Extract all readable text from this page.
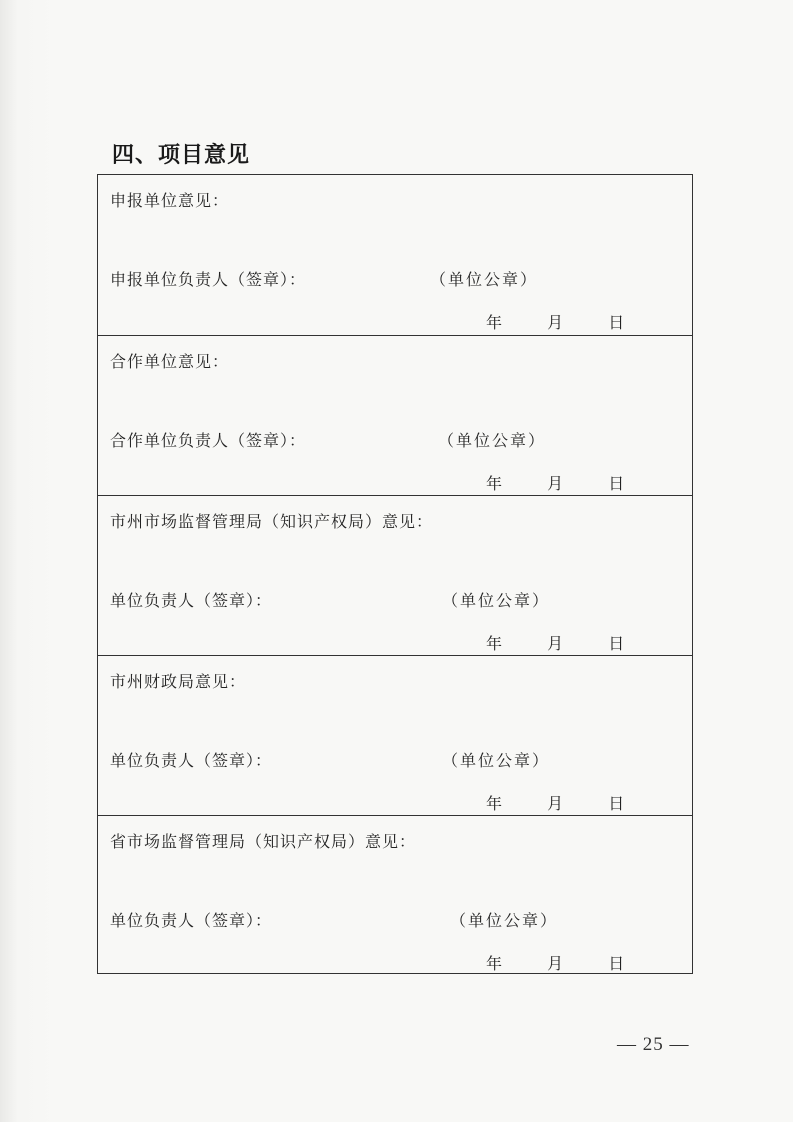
四、项目意见
申报单位意见：
申报单位负责人（签章）：	（单位公章）
年	月	日
合作单位意见：
合作单位负责人（签章）：	（单位公章）
年	月	日
市州市场监督管理局（知识产权局）意见：
单位负责人（签章）：	（单位公章）
年	月	日
市州财政局意见：
单位负责人（签章）：	（单位公章）
年	月	日
省市场监督管理局（知识产权局）意见：
单位负责人（签章）：	（单位公章）
年	月	日
— 25 —
